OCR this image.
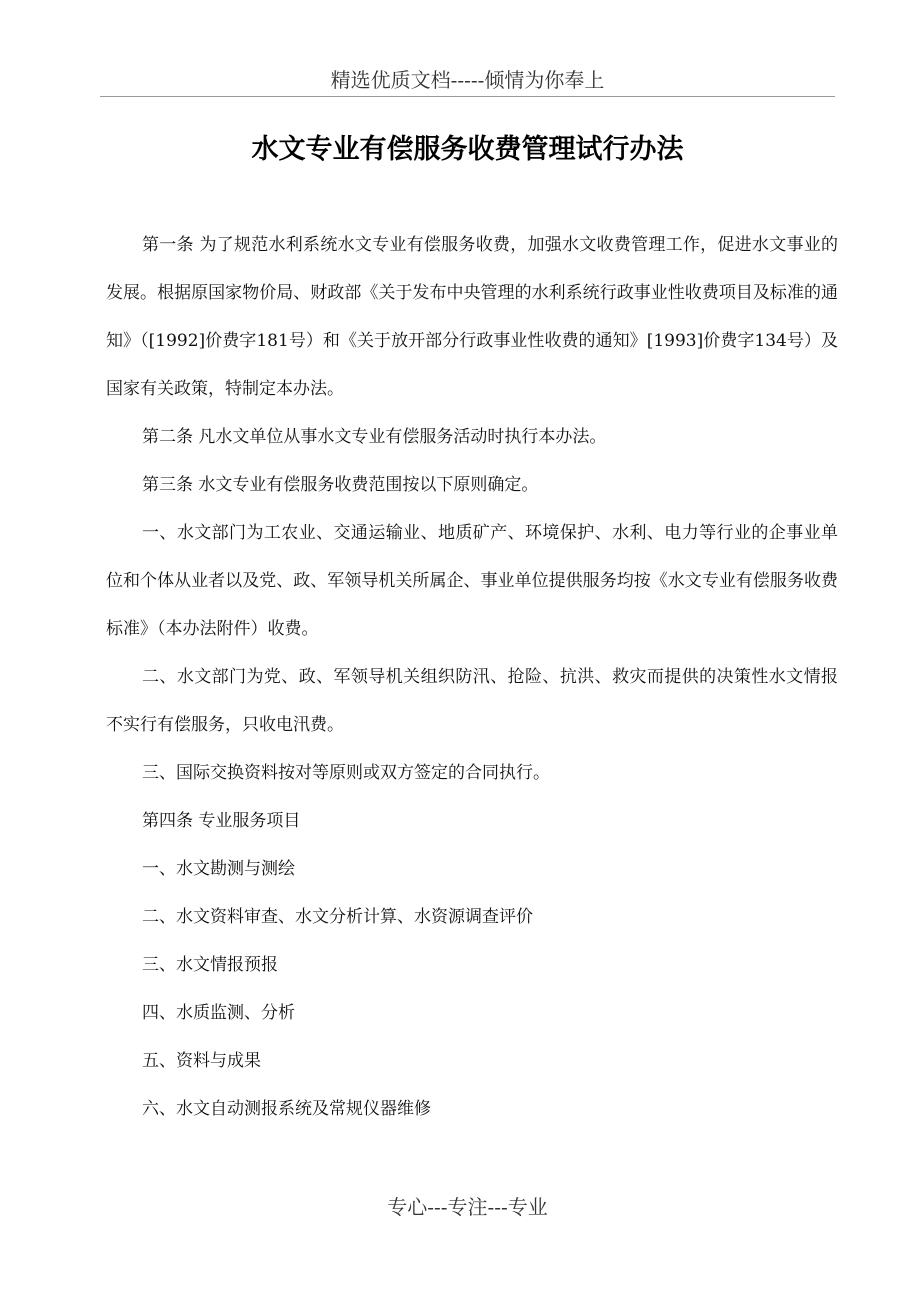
精选优质文档-----倾情为你奉上
水文专业有偿服务收费管理试行办法

第一条 为了规范水利系统水文专业有偿服务收费，加强水文收费管理工作，促进水文事业的发展。根据原国家物价局、财政部《关于发布中央管理的水利系统行政事业性收费项目及标准的通知》（[1992]价费字181号）和《关于放开部分行政事业性收费的通知》[1993]价费字134号）及国家有关政策，特制定本办法。

第二条 凡水文单位从事水文专业有偿服务活动时执行本办法。

第三条 水文专业有偿服务收费范围按以下原则确定。

一、水文部门为工农业、交通运输业、地质矿产、环境保护、水利、电力等行业的企事业单位和个体从业者以及党、政、军领导机关所属企、事业单位提供服务均按《水文专业有偿服务收费标准》（本办法附件）收费。

二、水文部门为党、政、军领导机关组织防汛、抢险、抗洪、救灾而提供的决策性水文情报不实行有偿服务，只收电汛费。

三、国际交换资料按对等原则或双方签定的合同执行。

第四条 专业服务项目

一、水文勘测与测绘

二、水文资料审查、水文分析计算、水资源调查评价

三、水文情报预报

四、水质监测、分析

五、资料与成果

六、水文自动测报系统及常规仪器维修

专心---专注---专业
